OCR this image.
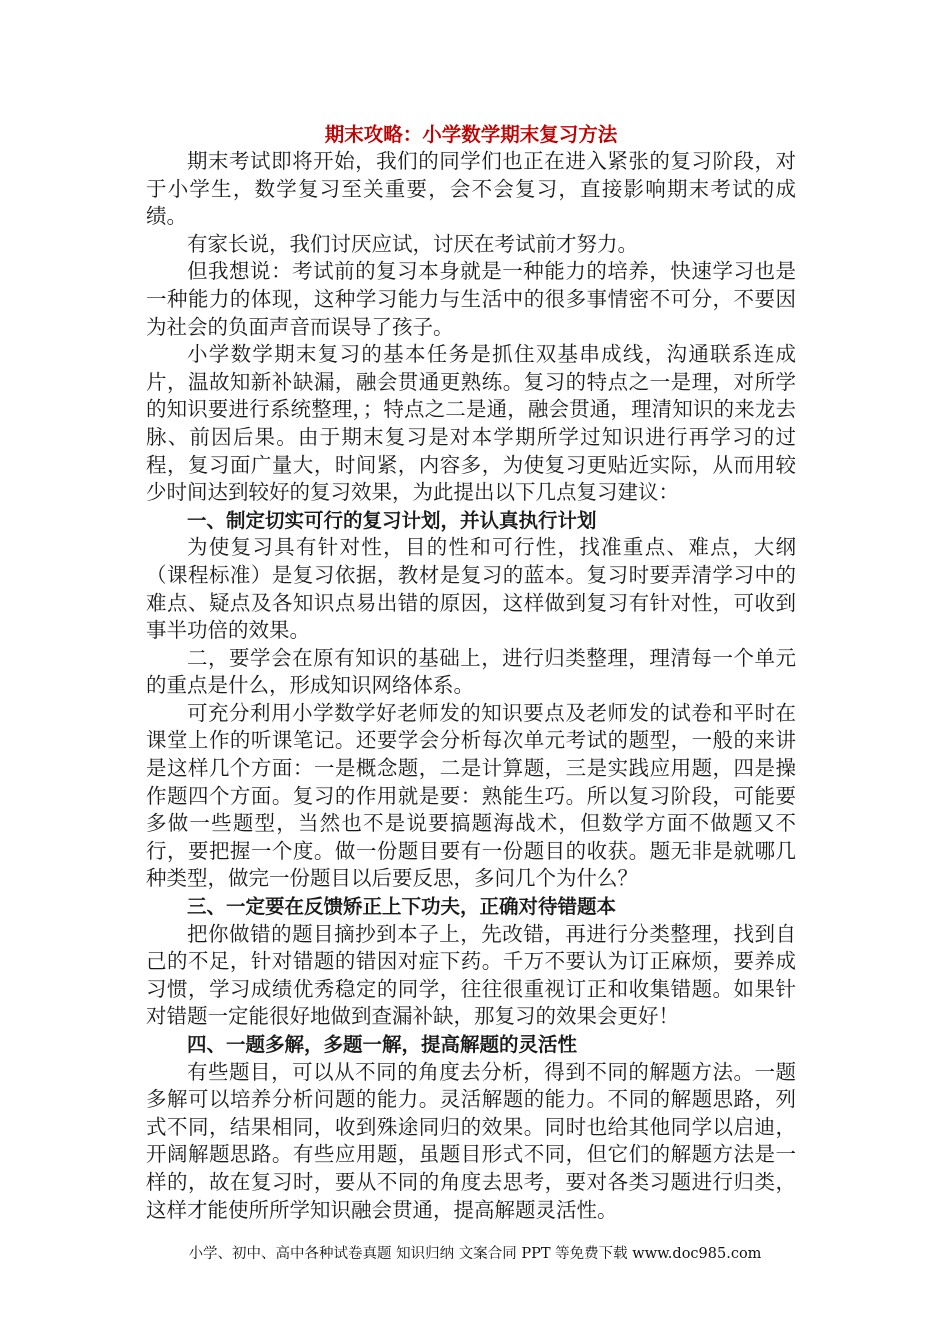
期末攻略：小学数学期末复习方法

期末考试即将开始，我们的同学们也正在进入紧张的复习阶段，对于小学生，数学复习至关重要，会不会复习，直接影响期末考试的成绩。

有家长说，我们讨厌应试，讨厌在考试前才努力。

但我想说：考试前的复习本身就是一种能力的培养，快速学习也是一种能力的体现，这种学习能力与生活中的很多事情密不可分，不要因为社会的负面声音而误导了孩子。

小学数学期末复习的基本任务是抓住双基串成线，沟通联系连成片，温故知新补缺漏，融会贯通更熟练。复习的特点之一是理，对所学的知识要进行系统整理，；特点之二是通，融会贯通，理清知识的来龙去脉、前因后果。由于期末复习是对本学期所学过知识进行再学习的过程，复习面广量大，时间紧，内容多，为使复习更贴近实际，从而用较少时间达到较好的复习效果，为此提出以下几点复习建议：

一、制定切实可行的复习计划，并认真执行计划

为使复习具有针对性，目的性和可行性，找准重点、难点，大纲（课程标准）是复习依据，教材是复习的蓝本。复习时要弄清学习中的难点、疑点及各知识点易出错的原因，这样做到复习有针对性，可收到事半功倍的效果。

二，要学会在原有知识的基础上，进行归类整理，理清每一个单元的重点是什么，形成知识网络体系。

可充分利用小学数学好老师发的知识要点及老师发的试卷和平时在课堂上作的听课笔记。还要学会分析每次单元考试的题型，一般的来讲是这样几个方面：一是概念题，二是计算题，三是实践应用题，四是操作题四个方面。复习的作用就是要：熟能生巧。所以复习阶段，可能要多做一些题型，当然也不是说要搞题海战术，但数学方面不做题又不行，要把握一个度。做一份题目要有一份题目的收获。题无非是就哪几种类型，做完一份题目以后要反思，多问几个为什么？

三、一定要在反馈矫正上下功夫，正确对待错题本

把你做错的题目摘抄到本子上，先改错，再进行分类整理，找到自己的不足，针对错题的错因对症下药。千万不要认为订正麻烦，要养成习惯，学习成绩优秀稳定的同学，往往很重视订正和收集错题。如果针对错题一定能很好地做到查漏补缺，那复习的效果会更好！

四、一题多解，多题一解，提高解题的灵活性

有些题目，可以从不同的角度去分析，得到不同的解题方法。一题多解可以培养分析问题的能力。灵活解题的能力。不同的解题思路，列式不同，结果相同，收到殊途同归的效果。同时也给其他同学以启迪，开阔解题思路。有些应用题，虽题目形式不同，但它们的解题方法是一样的，故在复习时，要从不同的角度去思考，要对各类习题进行归类，这样才能使所所学知识融会贯通，提高解题灵活性。

小学、初中、高中各种试卷真题 知识归纳 文案合同 PPT 等免费下载 www.doc985.com
